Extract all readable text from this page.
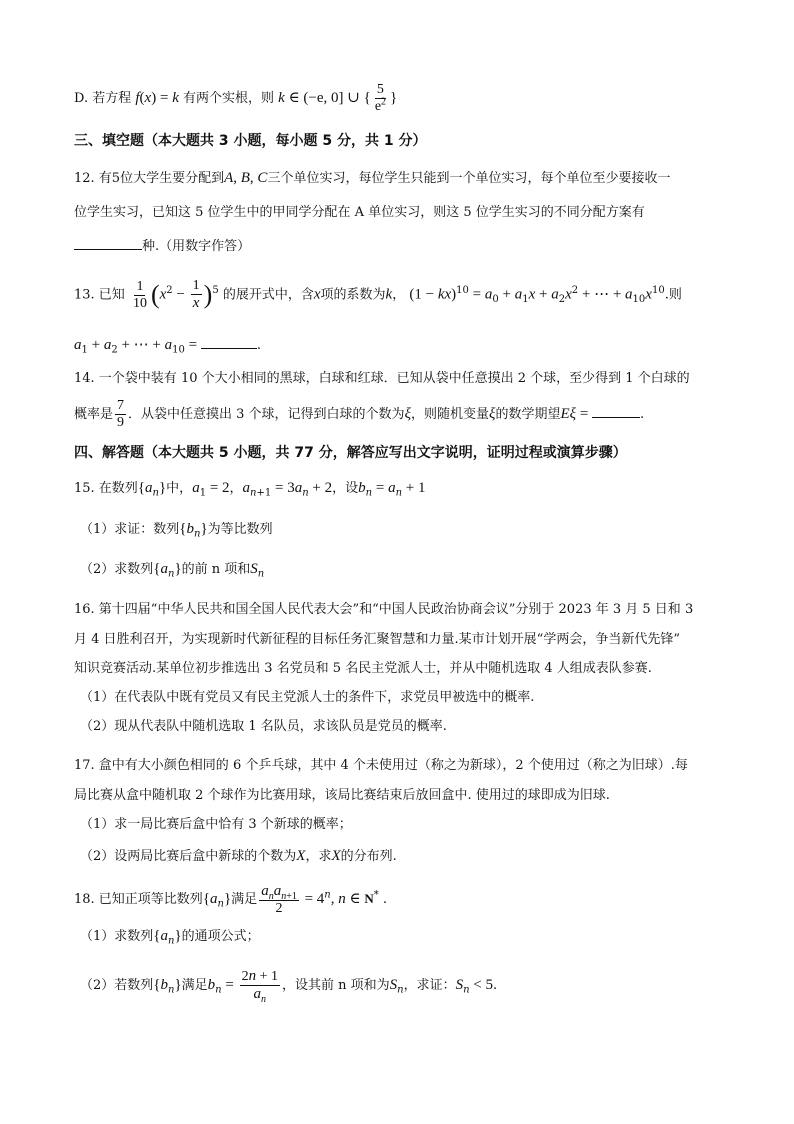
D. 若方程 f(x) = k 有两个实根，则 k ∈ (−e, 0] ∪ { $\frac{5}{e^2}$ }
三、填空题（本大题共 3 小题，每小题 5 分，共 1 分）
12. 有5位大学生要分配到A, B, C三个单位实习，每位学生只能到一个单位实习，每个单位至少要接收一
位学生实习，已知这 5 位学生中的甲同学分配在 A 单位实习，则这 5 位学生实习的不同分配方案有
种.（用数字作答）
13. 已知 $\frac{1}{10} (x^2 - \frac{1}{x} )^5$ 的展开式中，含x项的系数为k， $(1 - kx)^{10} = a_0 + a_1x + a_2x^2$ + ⋯ + $a_{10}x^{10}$.则
$a_1 + a_2$ + ⋯ + $a_{10}$ =	.
14. 一个袋中装有 10 个大小相同的黑球，白球和红球．已知从袋中任意摸出 2 个球，至少得到 1 个白球的
概率是 $\frac{7}{9}$ ．从袋中任意摸出 3 个球，记得到白球的个数为ξ，则随机变量ξ的数学期望Eξ =	.
四、解答题（本大题共 5 小题，共 77 分，解答应写出文字说明，证明过程或演算步骤）
15. 在数列$\{a_n\}$中，$a_1 = 2$，$a_{n+1} = 3a_n + 2$，设$b_n = a_n + 1$
（1）求证：数列$\{b_n\}$为等比数列
（2）求数列$\{a_n\}$的前 n 项和$S_n$
16. 第十四届“中华人民共和国全国人民代表大会”和“中国人民政治协商会议”分别于 2023 年 3 月 5 日和 3
月 4 日胜利召开，为实现新时代新征程的目标任务汇聚智慧和力量.某市计划开展“学两会，争当新代先锋”
知识竞赛活动.某单位初步推选出 3 名党员和 5 名民主党派人士，并从中随机选取 4 人组成表队参赛.
（1）在代表队中既有党员又有民主党派人士的条件下，求党员甲被选中的概率.
（2）现从代表队中随机选取 1 名队员，求该队员是党员的概率.
17. 盒中有大小颜色相同的 6 个乒乓球，其中 4 个未使用过（称之为新球），2 个使用过（称之为旧球）.每
局比赛从盒中随机取 2 个球作为比赛用球，该局比赛结束后放回盒中. 使用过的球即成为旧球.
（1）求一局比赛后盒中恰有 3 个新球的概率；
（2）设两局比赛后盒中新球的个数为X，求X的分布列.
18. 已知正项等比数列$\{a_n\}$满足 $\frac{a_na_{n+1}}{2} = 4^n$, n ∈ N* .
（1）求数列$\{a_n\}$的通项公式；
（2）若数列$\{b_n\}$满足$b_n = \frac{2n + 1}{a_n}$ ，设其前 n 项和为$S_n$，求证：$S_n < 5$.
